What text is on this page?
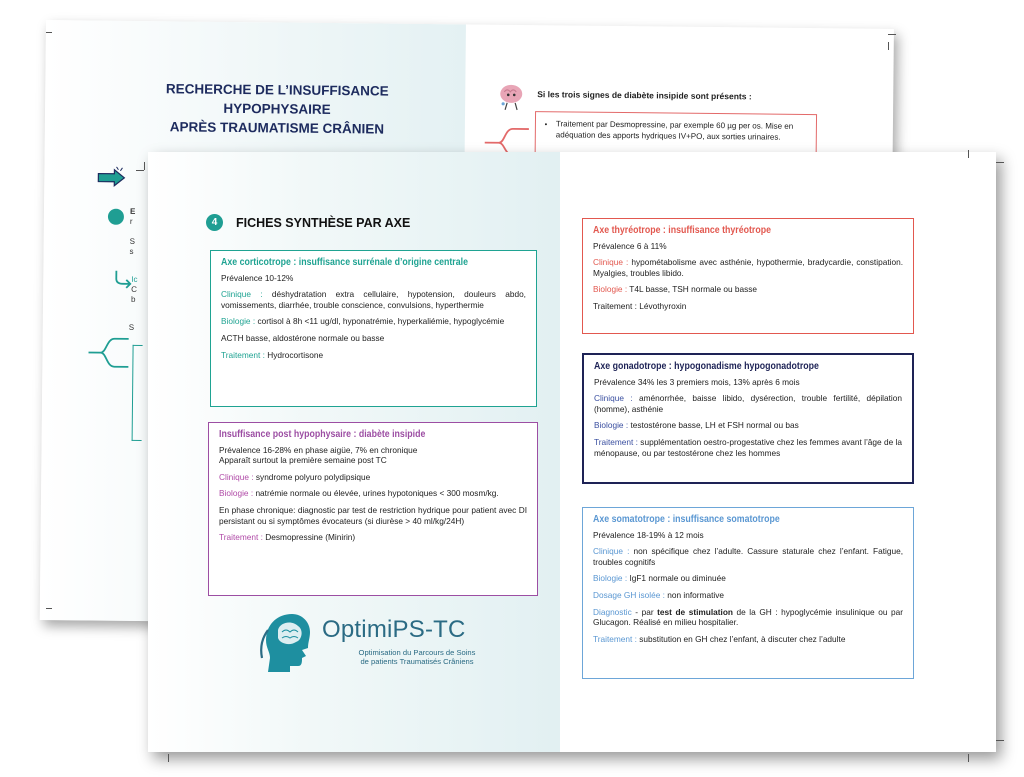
RECHERCHE DE L’INSUFFISANCE
HYPOPHYSAIRE
APRÈS TRAUMATISME CRÂNIEN
Si les trois signes de diabète insipide sont présents :
• Traitement par Desmopressine, par exemple 60 µg per os. Mise en adéquation des apports hydriques IV+PO, aux sorties urinaires.
E
r
S
s
Ic
C
b
S
4	FICHES SYNTHÈSE PAR AXE
Axe corticotrope : insuffisance surrénale d’origine centrale

Prévalence 10-12%

Clinique : déshydratation extra cellulaire, hypotension, douleurs abdo, vomissements, diarrhée, trouble conscience, convulsions, hyperthermie

Biologie : cortisol à 8h <11 ug/dl, hyponatrémie, hyperkaliémie, hypoglycémie

ACTH basse, aldostérone normale ou basse

Traitement : Hydrocortisone

Insuffisance post hypophysaire : diabète insipide

Prévalence 16-28% en phase aigüe, 7% en chronique
Apparaît surtout la première semaine post TC

Clinique : syndrome polyuro polydipsique

Biologie : natrémie normale ou élevée, urines hypotoniques < 300 mosm/kg.

En phase chronique: diagnostic par test de restriction hydrique pour patient avec DI persistant ou si symptômes évocateurs (si diurèse > 40 ml/kg/24H)

Traitement : Desmopressine (Minirin)

OptimiPS-TC
Optimisation du Parcours de Soins
de patients Traumatisés Crâniens
Axe thyréotrope : insuffisance thyréotrope

Prévalence 6 à 11%

Clinique : hypométabolisme avec asthénie, hypothermie, bradycardie, constipation. Myalgies, troubles libido.

Biologie : T4L basse, TSH normale ou basse

Traitement : Lévothyroxin

Axe gonadotrope : hypogonadisme hypogonadotrope

Prévalence 34% les 3 premiers mois, 13% après 6 mois

Clinique : aménorrhée, baisse libido, dysérection, trouble fertilité, dépilation (homme), asthénie

Biologie : testostérone basse, LH et FSH normal ou bas

Traitement : supplémentation oestro-progestative chez les femmes avant l’âge de la ménopause, ou par testostérone chez les hommes

Axe somatotrope : insuffisance somatotrope

Prévalence 18-19% à 12 mois

Clinique : non spécifique chez l’adulte. Cassure staturale chez l’enfant. Fatigue, troubles cognitifs

Biologie : IgF1 normale ou diminuée

Dosage GH isolée : non informative

Diagnostic - par test de stimulation de la GH : hypoglycémie insulinique ou par Glucagon. Réalisé en milieu hospitalier.

Traitement : substitution en GH chez l’enfant, à discuter chez l’adulte
